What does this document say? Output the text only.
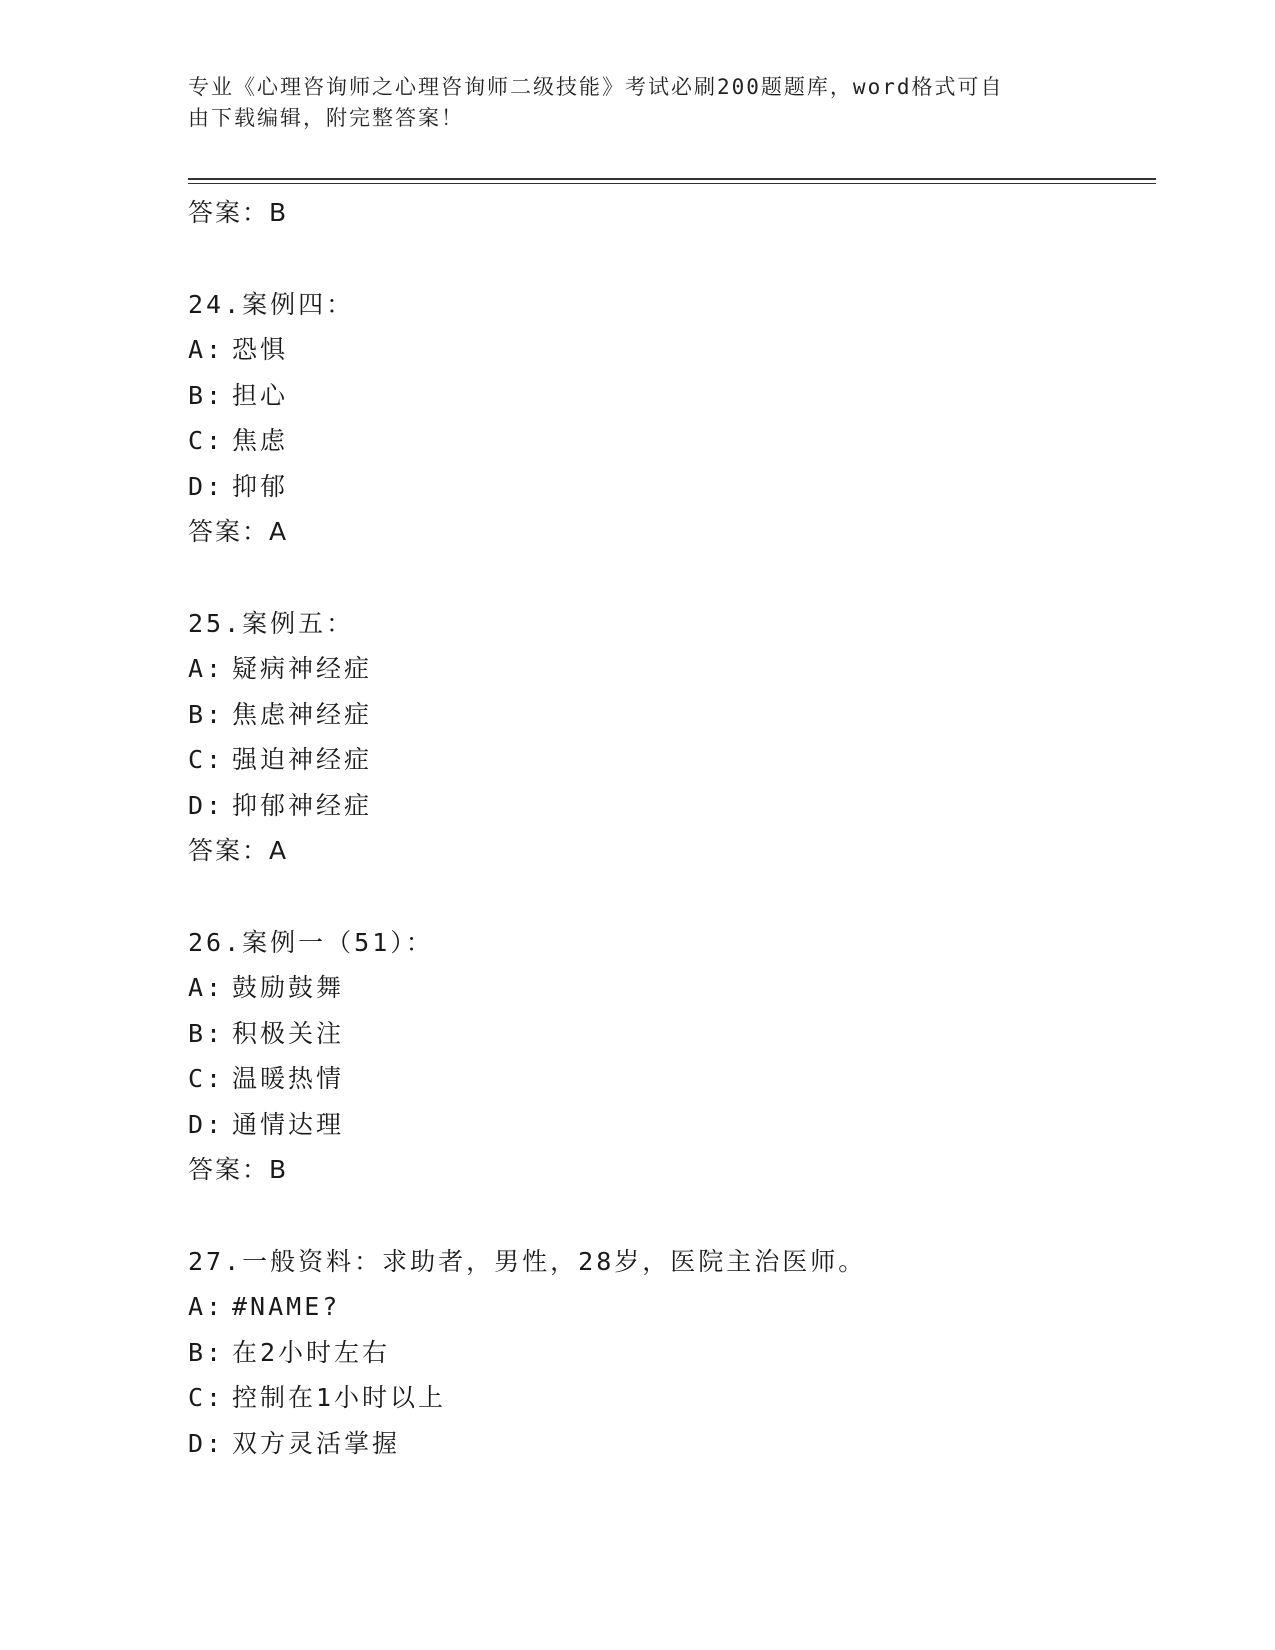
专业《心理咨询师之心理咨询师二级技能》考试必刷200题题库，word格式可自
由下载编辑，附完整答案！
答案：B
24.案例四：
A: 恐惧
B: 担心
C: 焦虑
D: 抑郁
答案：A
25.案例五：
A: 疑病神经症
B: 焦虑神经症
C: 强迫神经症
D: 抑郁神经症
答案：A
26.案例一（51）：
A: 鼓励鼓舞
B: 积极关注
C: 温暖热情
D: 通情达理
答案：B
27.一般资料：求助者，男性，28岁，医院主治医师。
A: #NAME?
B: 在2小时左右
C: 控制在1小时以上
D: 双方灵活掌握
